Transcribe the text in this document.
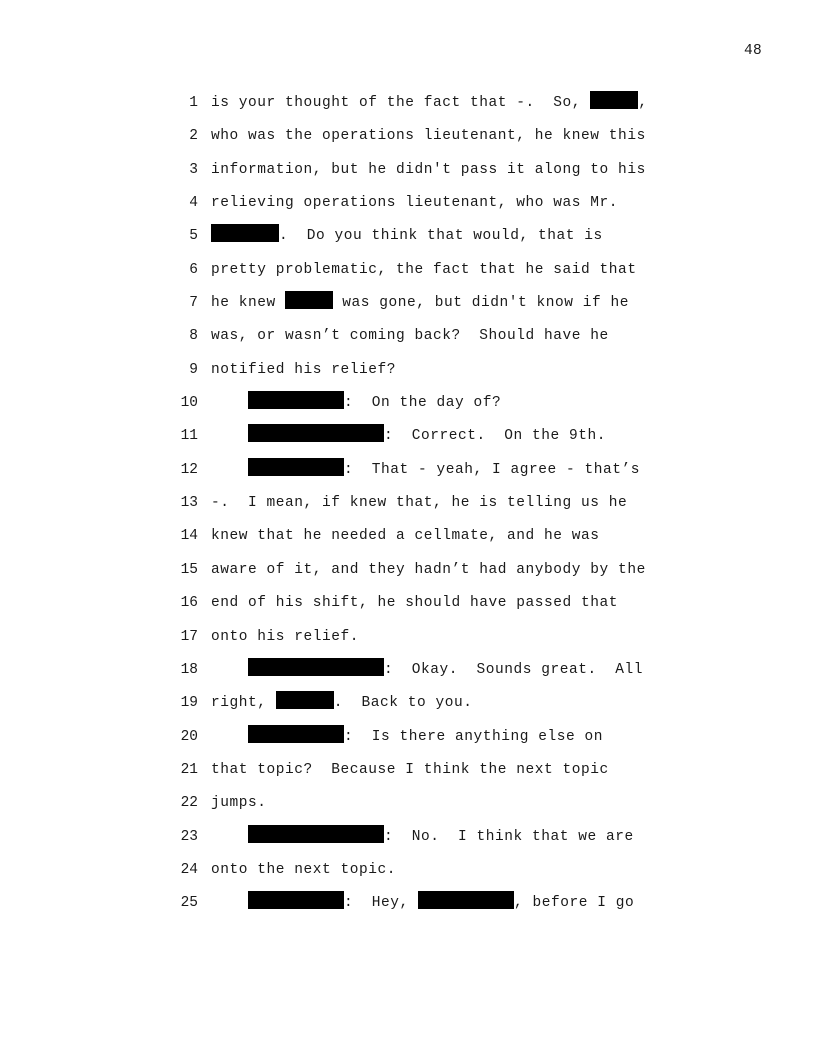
48
1 is your thought of the fact that -.  So,	,
2 who was the operations lieutenant, he knew this
3 information, but he didn't pass it along to his
4 relieving operations lieutenant, who was Mr.
5	.  Do you think that would, that is
6 pretty problematic, the fact that he said that
7 he knew	was gone, but didn't know if he
8 was, or wasn’t coming back?  Should have he
9 notified his relief?
10	:  On the day of?
11	:  Correct.  On the 9th.
12	:  That - yeah, I agree - that’s
13 -.  I mean, if knew that, he is telling us he
14 knew that he needed a cellmate, and he was
15 aware of it, and they hadn’t had anybody by the
16 end of his shift, he should have passed that
17 onto his relief.
18	:  Okay.  Sounds great.  All
19 right,	.  Back to you.
20	:  Is there anything else on
21 that topic?  Because I think the next topic
22 jumps.
23	:  No.  I think that we are
24 onto the next topic.
25	:  Hey,	, before I go
